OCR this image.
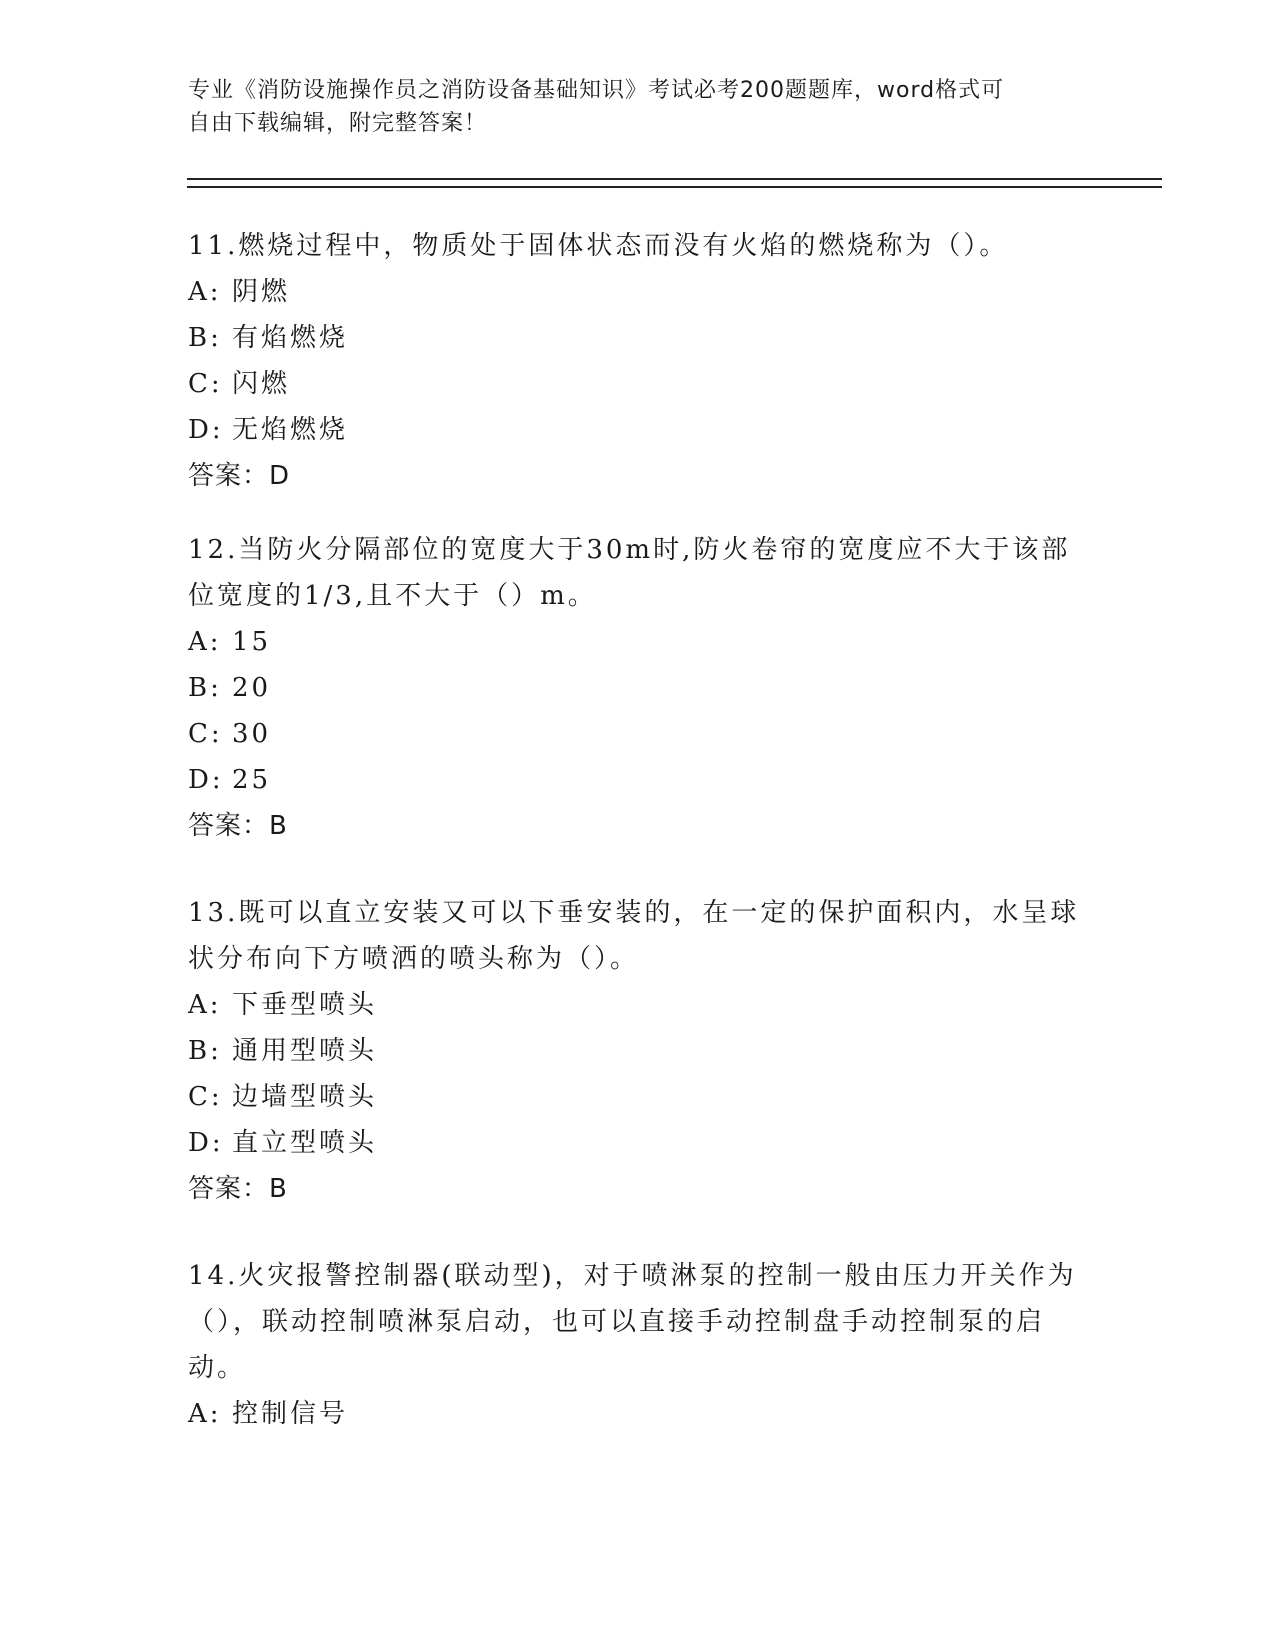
专业《消防设施操作员之消防设备基础知识》考试必考200题题库，word格式可
自由下载编辑，附完整答案！

11.燃烧过程中，物质处于固体状态而没有火焰的燃烧称为（）。

A: 阴燃

B: 有焰燃烧

C: 闪燃

D: 无焰燃烧

答案：D

12.当防火分隔部位的宽度大于30m时,防火卷帘的宽度应不大于该部

位宽度的1/3,且不大于（）m。

A: 15

B: 20

C: 30

D: 25

答案：B

13.既可以直立安装又可以下垂安装的，在一定的保护面积内，水呈球

状分布向下方喷洒的喷头称为（）。

A: 下垂型喷头

B: 通用型喷头

C: 边墙型喷头

D: 直立型喷头

答案：B

14.火灾报警控制器(联动型)，对于喷淋泵的控制一般由压力开关作为

（），联动控制喷淋泵启动，也可以直接手动控制盘手动控制泵的启

动。

A: 控制信号
